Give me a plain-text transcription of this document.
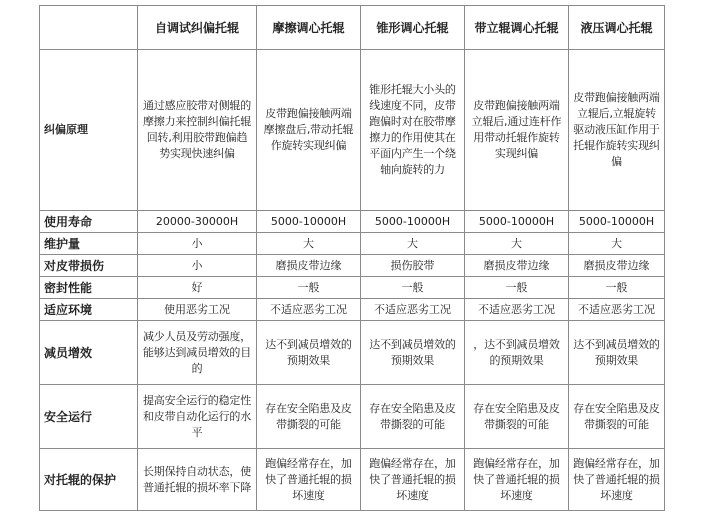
	自调试纠偏托辊	摩擦调心托辊	锥形调心托辊	带立辊调心托辊	液压调心托辊
纠偏原理	通过感应胶带对侧辊的摩擦力来控制纠偏托辊回转,利用胶带跑偏趋势实现快速纠偏	皮带跑偏接触两端摩擦盘后,带动托辊作旋转实现纠偏	锥形托辊大小头的线速度不同，皮带跑偏时对在胶带摩擦力的作用使其在平面内产生一个绕轴向旋转的力	皮带跑偏接触两端立辊后,通过连杆作用带动托辊作旋转实现纠偏	皮带跑偏接触两端立辊后,立辊旋转驱动液压缸作用于托辊作旋转实现纠偏
使用寿命	20000-30000H	5000-10000H	5000-10000H	5000-10000H	5000-10000H
维护量	小	大	大	大	大
对皮带损伤	小	磨损皮带边缘	损伤胶带	磨损皮带边缘	磨损皮带边缘
密封性能	好	一般	一般	一般	一般
适应环境	使用恶劣工况	不适应恶劣工况	不适应恶劣工况	不适应恶劣工况	不适应恶劣工况
减员增效	减少人员及劳动强度，能够达到减员增效的目的	达不到减员增效的预期效果	达不到减员增效的预期效果	，达不到减员增效的预期效果	达不到减员增效的预期效果
安全运行	提高安全运行的稳定性和皮带自动化运行的水平	存在安全陷患及皮带撕裂的可能	存在安全陷患及皮带撕裂的可能	存在安全陷患及皮带撕裂的可能	存在安全陷患及皮带撕裂的可能
对托辊的保护	长期保持自动状态，使普通托辊的损坏率下降	跑偏经常存在，加快了普通托辊的损坏速度	跑偏经常存在，加快了普通托辊的损坏速度	跑偏经常存在，加快了普通托辊的损坏速度	跑偏经常存在，加快了普通托辊的损坏速度
